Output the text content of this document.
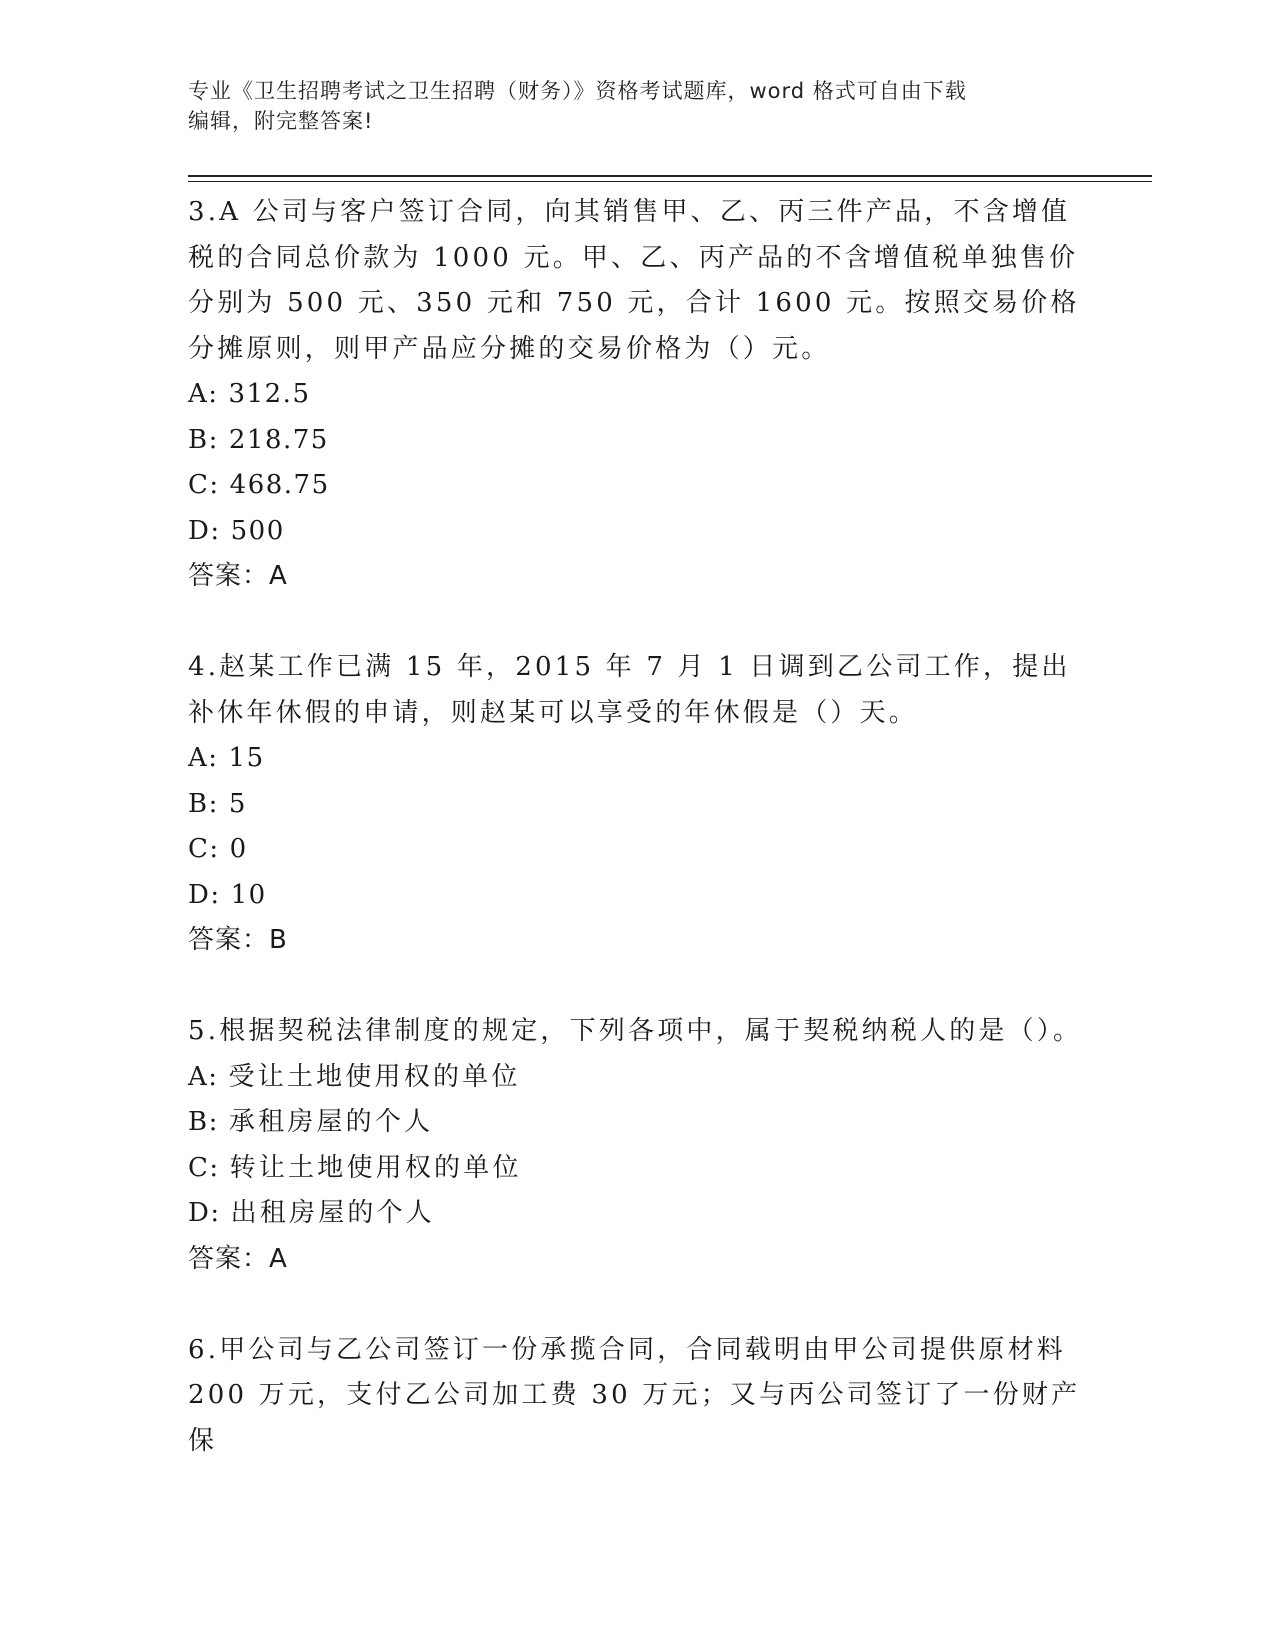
专业《卫生招聘考试之卫生招聘（财务）》资格考试题库，word 格式可自由下载
编辑，附完整答案!

3.A 公司与客户签订合同，向其销售甲、乙、丙三件产品，不含增值税的合同总价款为 1000 元。甲、乙、丙产品的不含增值税单独售价分别为 500 元、350 元和 750 元，合计 1600 元。按照交易价格分摊原则，则甲产品应分摊的交易价格为（）元。

A: 312.5

B: 218.75

C: 468.75

D: 500

答案：A

4.赵某工作已满 15 年，2015 年 7 月 1 日调到乙公司工作，提出补休年休假的申请，则赵某可以享受的年休假是（）天。

A: 15

B: 5

C: 0

D: 10

答案：B

5.根据契税法律制度的规定，下列各项中，属于契税纳税人的是（）。

A: 受让土地使用权的单位

B: 承租房屋的个人

C: 转让土地使用权的单位

D: 出租房屋的个人

答案：A

6.甲公司与乙公司签订一份承揽合同，合同载明由甲公司提供原材料 200 万元，支付乙公司加工费 30 万元；又与丙公司签订了一份财产保
